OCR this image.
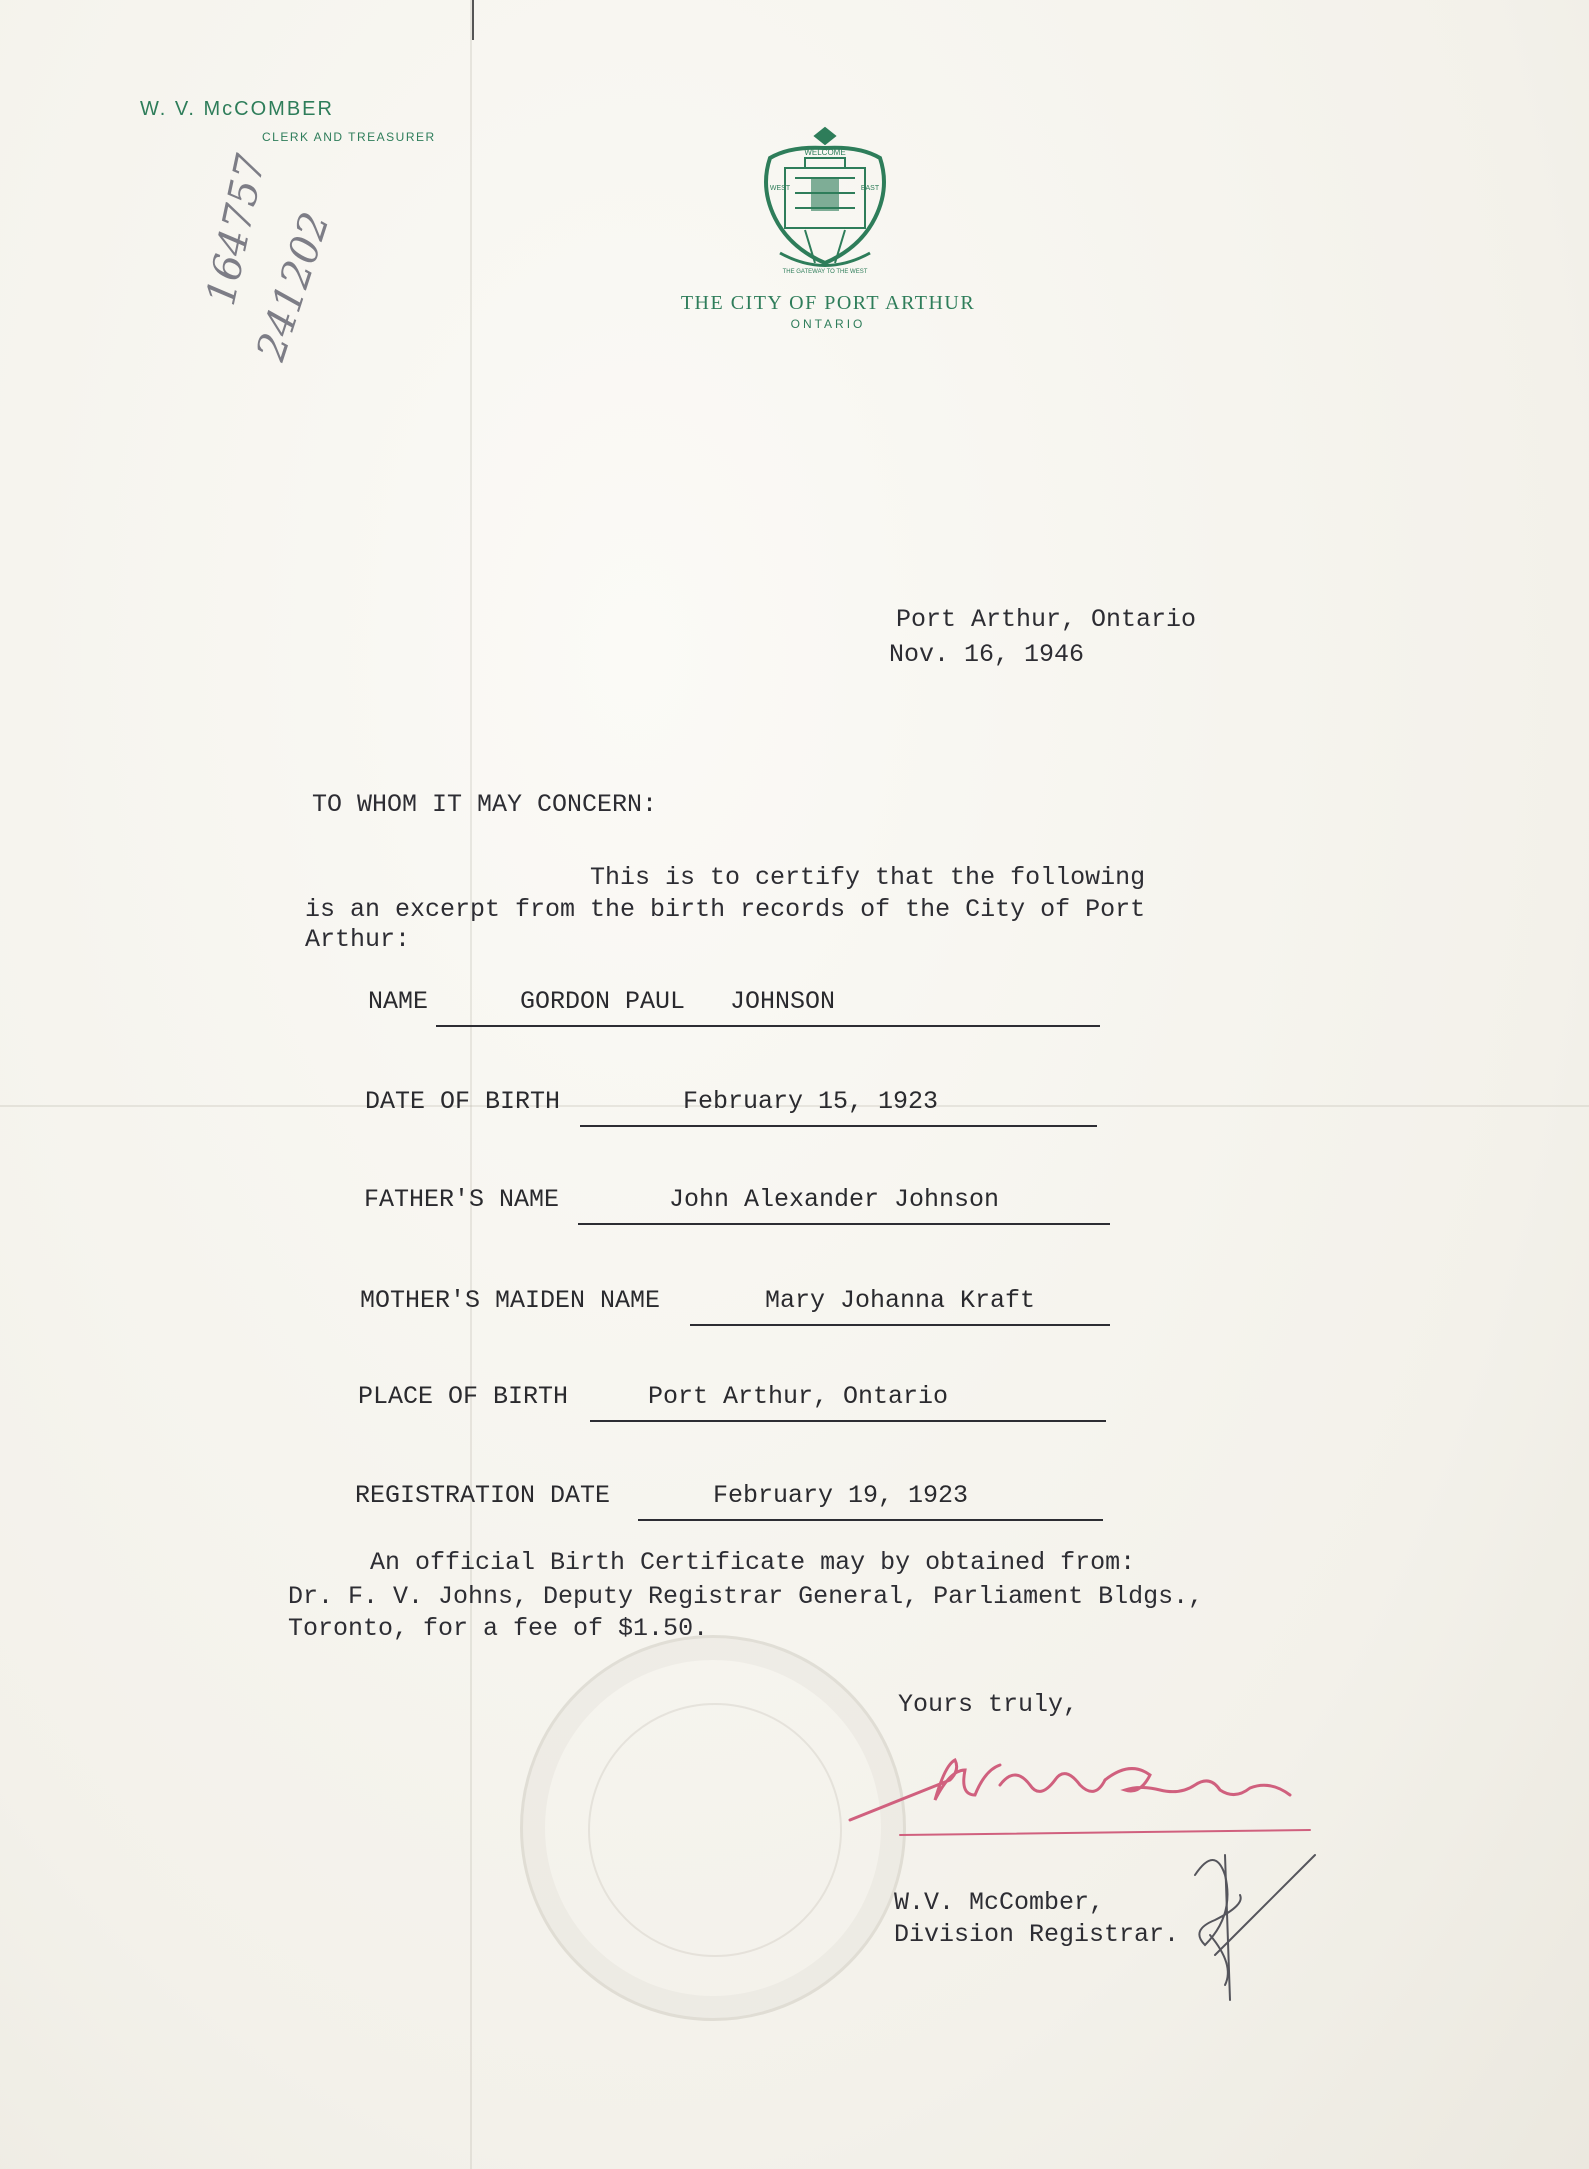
W. V. McCOMBER
CLERK AND TREASURER
WELCOME
WEST	EAST
THE GATEWAY TO THE WEST
THE CITY OF PORT ARTHUR
ONTARIO
164757
241202
Port Arthur, Ontario
Nov. 16, 1946
TO WHOM IT MAY CONCERN:
This is to certify that the following
is an excerpt from the birth records of the City of Port
Arthur:
NAME	GORDON PAUL   JOHNSON
DATE OF BIRTH	February 15, 1923
FATHER'S NAME	John Alexander Johnson
MOTHER'S MAIDEN NAME	Mary Johanna Kraft
PLACE OF BIRTH	Port Arthur, Ontario
REGISTRATION DATE	February 19, 1923
An official Birth Certificate may by obtained from:
Dr. F. V. Johns, Deputy Registrar General, Parliament Bldgs.,
Toronto, for a fee of $1.50.
Yours truly,
W.V. McComber,
Division Registrar.
